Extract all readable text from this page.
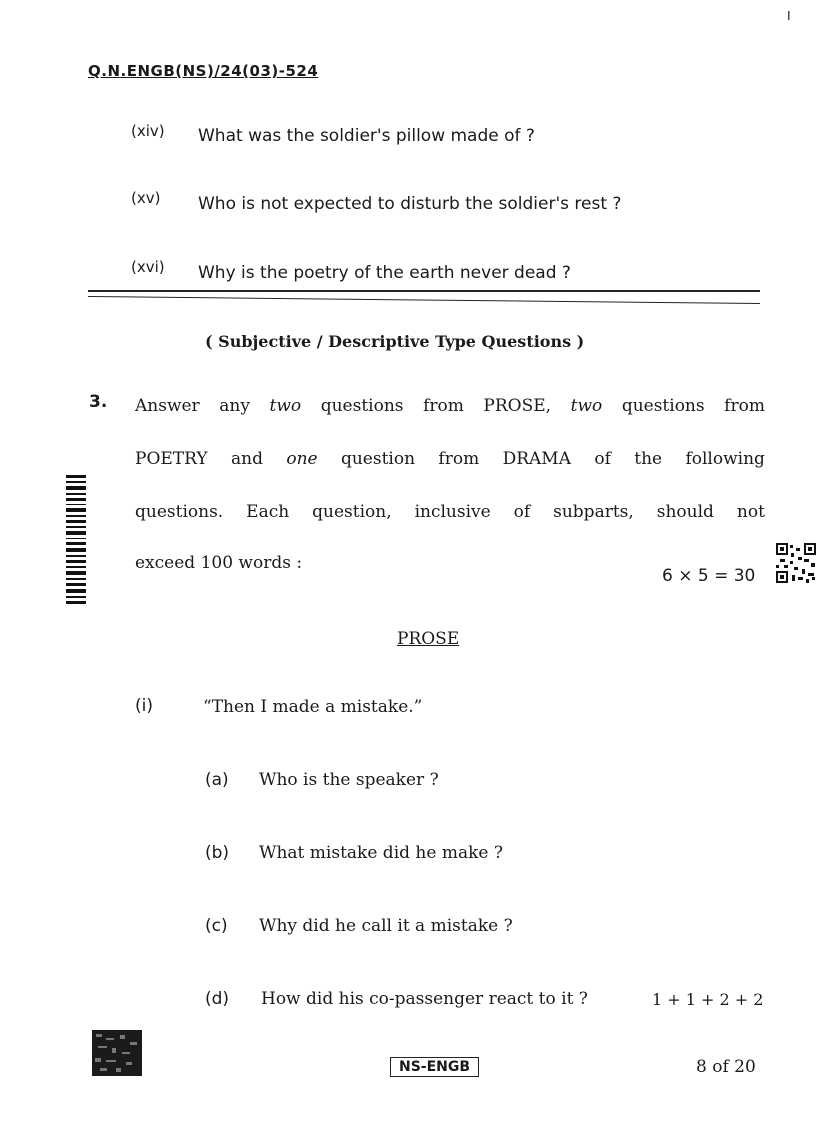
I
Q.N.ENGB(NS)/24(03)-524
(xiv) What was the soldier's pillow made of ?
(xv) Who is not expected to disturb the soldier's rest ?
(xvi) Why is the poetry of the earth never dead ?
( Subjective / Descriptive Type Questions )
3. Answer any two questions from PROSE, two questions from
POETRY and one question from DRAMA of the following
questions. Each question, inclusive of subparts, should not
exceed 100 words :
6 × 5 = 30
PROSE
(i)	“Then I made a mistake.”
(a) Who is the speaker ?
(b) What mistake did he make ?
(c) Why did he call it a mistake ?
(d) How did his co-passenger react to it ?	1 + 1 + 2 + 2
NS-ENGB	8 of 20
